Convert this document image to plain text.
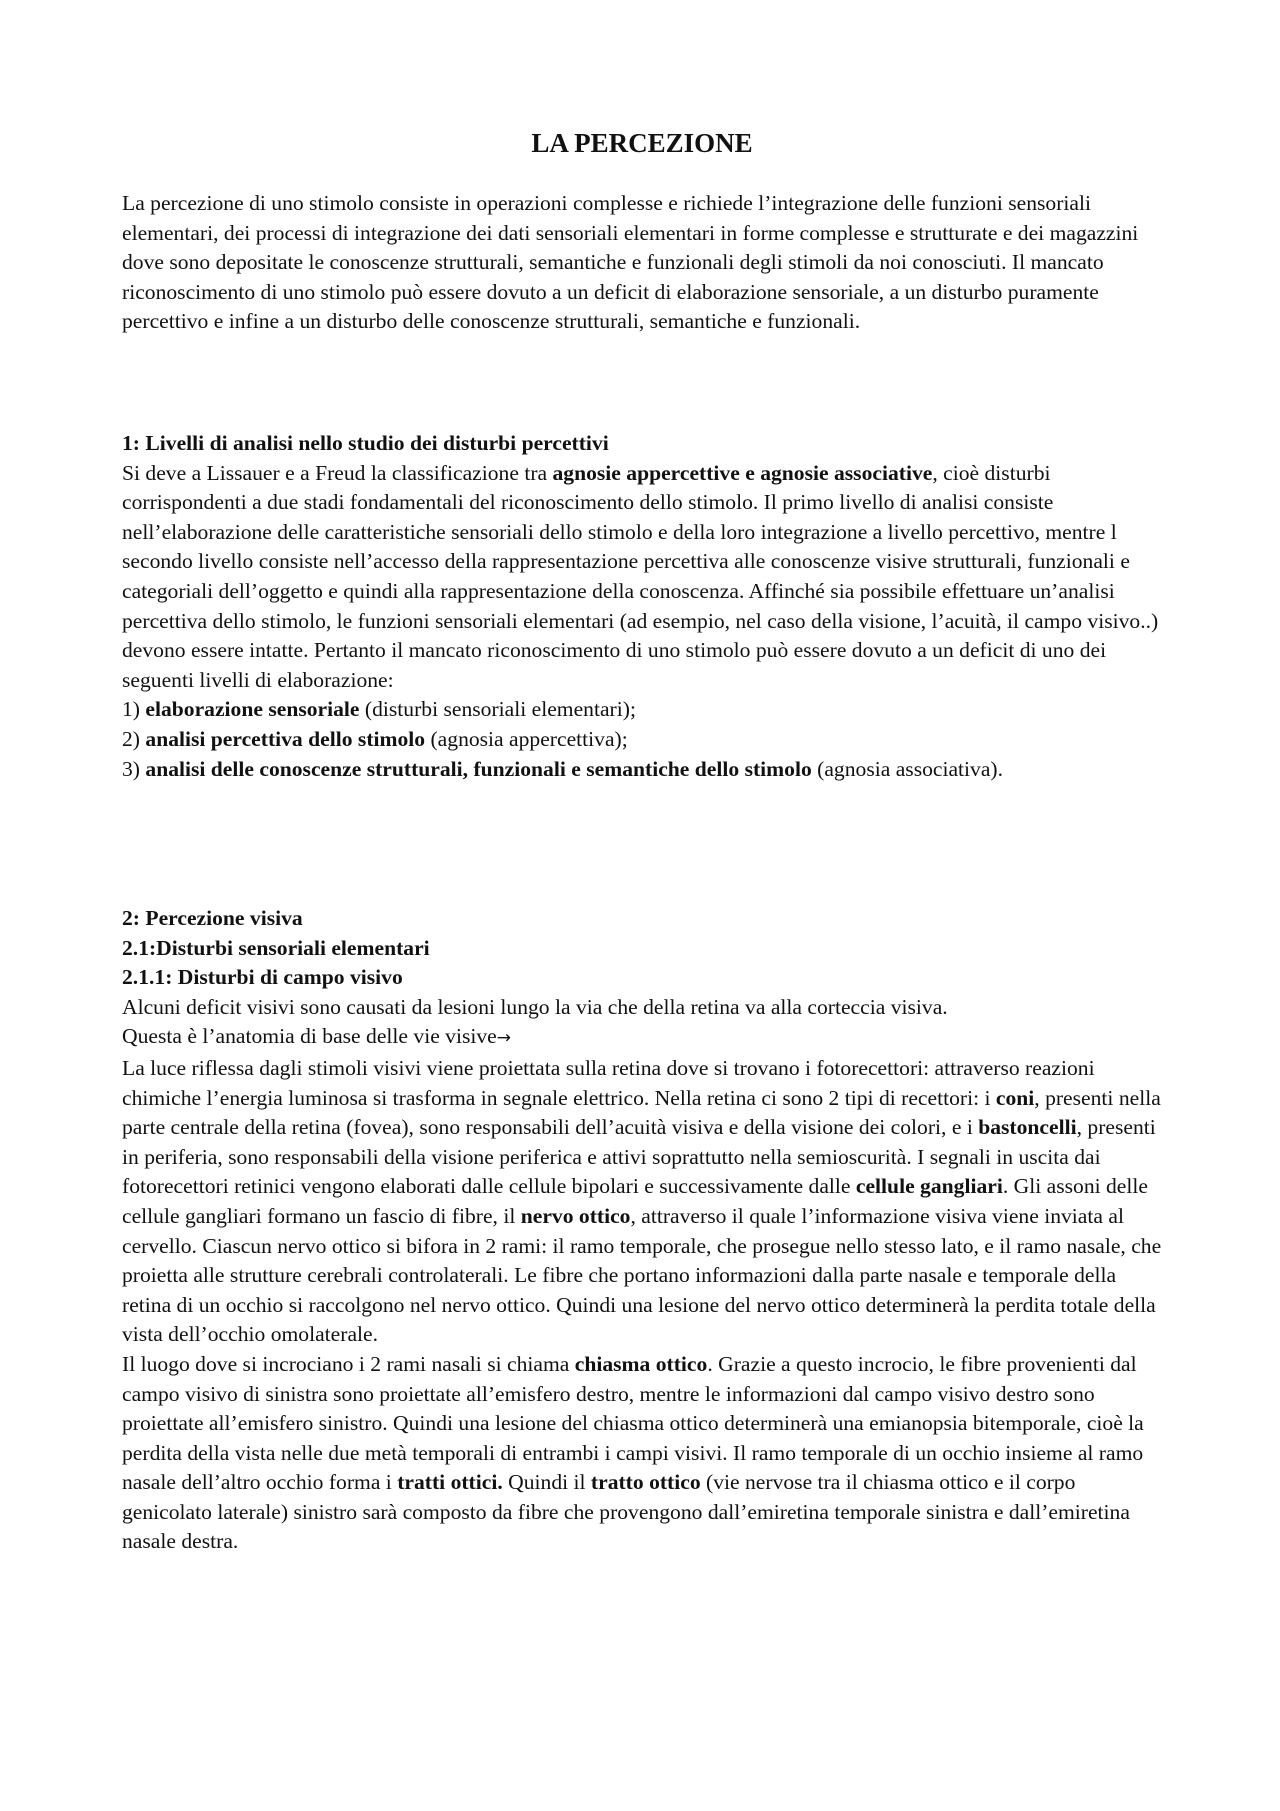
LA PERCEZIONE

La percezione di uno stimolo consiste in operazioni complesse e richiede l’integrazione delle funzioni sensoriali elementari, dei processi di integrazione dei dati sensoriali elementari in forme complesse e strutturate e dei magazzini dove sono depositate le conoscenze strutturali, semantiche e funzionali degli stimoli da noi conosciuti. Il mancato riconoscimento di uno stimolo può essere dovuto a un deficit di elaborazione sensoriale, a un disturbo puramente percettivo e infine a un disturbo delle conoscenze strutturali, semantiche e funzionali.

1: Livelli di analisi nello studio dei disturbi percettivi

Si deve a Lissauer e a Freud la classificazione tra agnosie appercettive e agnosie associative, cioè disturbi corrispondenti a due stadi fondamentali del riconoscimento dello stimolo. Il primo livello di analisi consiste nell’elaborazione delle caratteristiche sensoriali dello stimolo e della loro integrazione a livello percettivo, mentre l secondo livello consiste nell’accesso della rappresentazione percettiva alle conoscenze visive strutturali, funzionali e categoriali dell’oggetto e quindi alla rappresentazione della conoscenza. Affinché sia possibile effettuare un’analisi percettiva dello stimolo, le funzioni sensoriali elementari (ad esempio, nel caso della visione, l’acuità, il campo visivo..) devono essere intatte. Pertanto il mancato riconoscimento di uno stimolo può essere dovuto a un deficit di uno dei seguenti livelli di elaborazione:

1) elaborazione sensoriale (disturbi sensoriali elementari);
2) analisi percettiva dello stimolo (agnosia appercettiva);
3) analisi delle conoscenze strutturali, funzionali e semantiche dello stimolo (agnosia associativa).
2: Percezione visiva
2.1:Disturbi sensoriali elementari
2.1.1: Disturbi di campo visivo

Alcuni deficit visivi sono causati da lesioni lungo la via che della retina va alla corteccia visiva.

Questa è l’anatomia di base delle vie visive→

La luce riflessa dagli stimoli visivi viene proiettata sulla retina dove si trovano i fotorecettori: attraverso reazioni chimiche l’energia luminosa si trasforma in segnale elettrico. Nella retina ci sono 2 tipi di recettori: i coni, presenti nella parte centrale della retina (fovea), sono responsabili dell’acuità visiva e della visione dei colori, e i bastoncelli, presenti in periferia, sono responsabili della visione periferica e attivi soprattutto nella semioscurità. I segnali in uscita dai fotorecettori retinici vengono elaborati dalle cellule bipolari e successivamente dalle cellule gangliari. Gli assoni delle cellule gangliari formano un fascio di fibre, il nervo ottico, attraverso il quale l’informazione visiva viene inviata al cervello. Ciascun nervo ottico si bifora in 2 rami: il ramo temporale, che prosegue nello stesso lato, e il ramo nasale, che proietta alle strutture cerebrali controlaterali. Le fibre che portano informazioni dalla parte nasale e temporale della retina di un occhio si raccolgono nel nervo ottico. Quindi una lesione del nervo ottico determinerà la perdita totale della vista dell’occhio omolaterale.

Il luogo dove si incrociano i 2 rami nasali si chiama chiasma ottico. Grazie a questo incrocio, le fibre provenienti dal campo visivo di sinistra sono proiettate all’emisfero destro, mentre le informazioni dal campo visivo destro sono proiettate all’emisfero sinistro. Quindi una lesione del chiasma ottico determinerà una emianopsia bitemporale, cioè la perdita della vista nelle due metà temporali di entrambi i campi visivi. Il ramo temporale di un occhio insieme al ramo nasale dell’altro occhio forma i tratti ottici. Quindi il tratto ottico (vie nervose tra il chiasma ottico e il corpo genicolato laterale) sinistro sarà composto da fibre che provengono dall’emiretina temporale sinistra e dall’emiretina nasale destra.
